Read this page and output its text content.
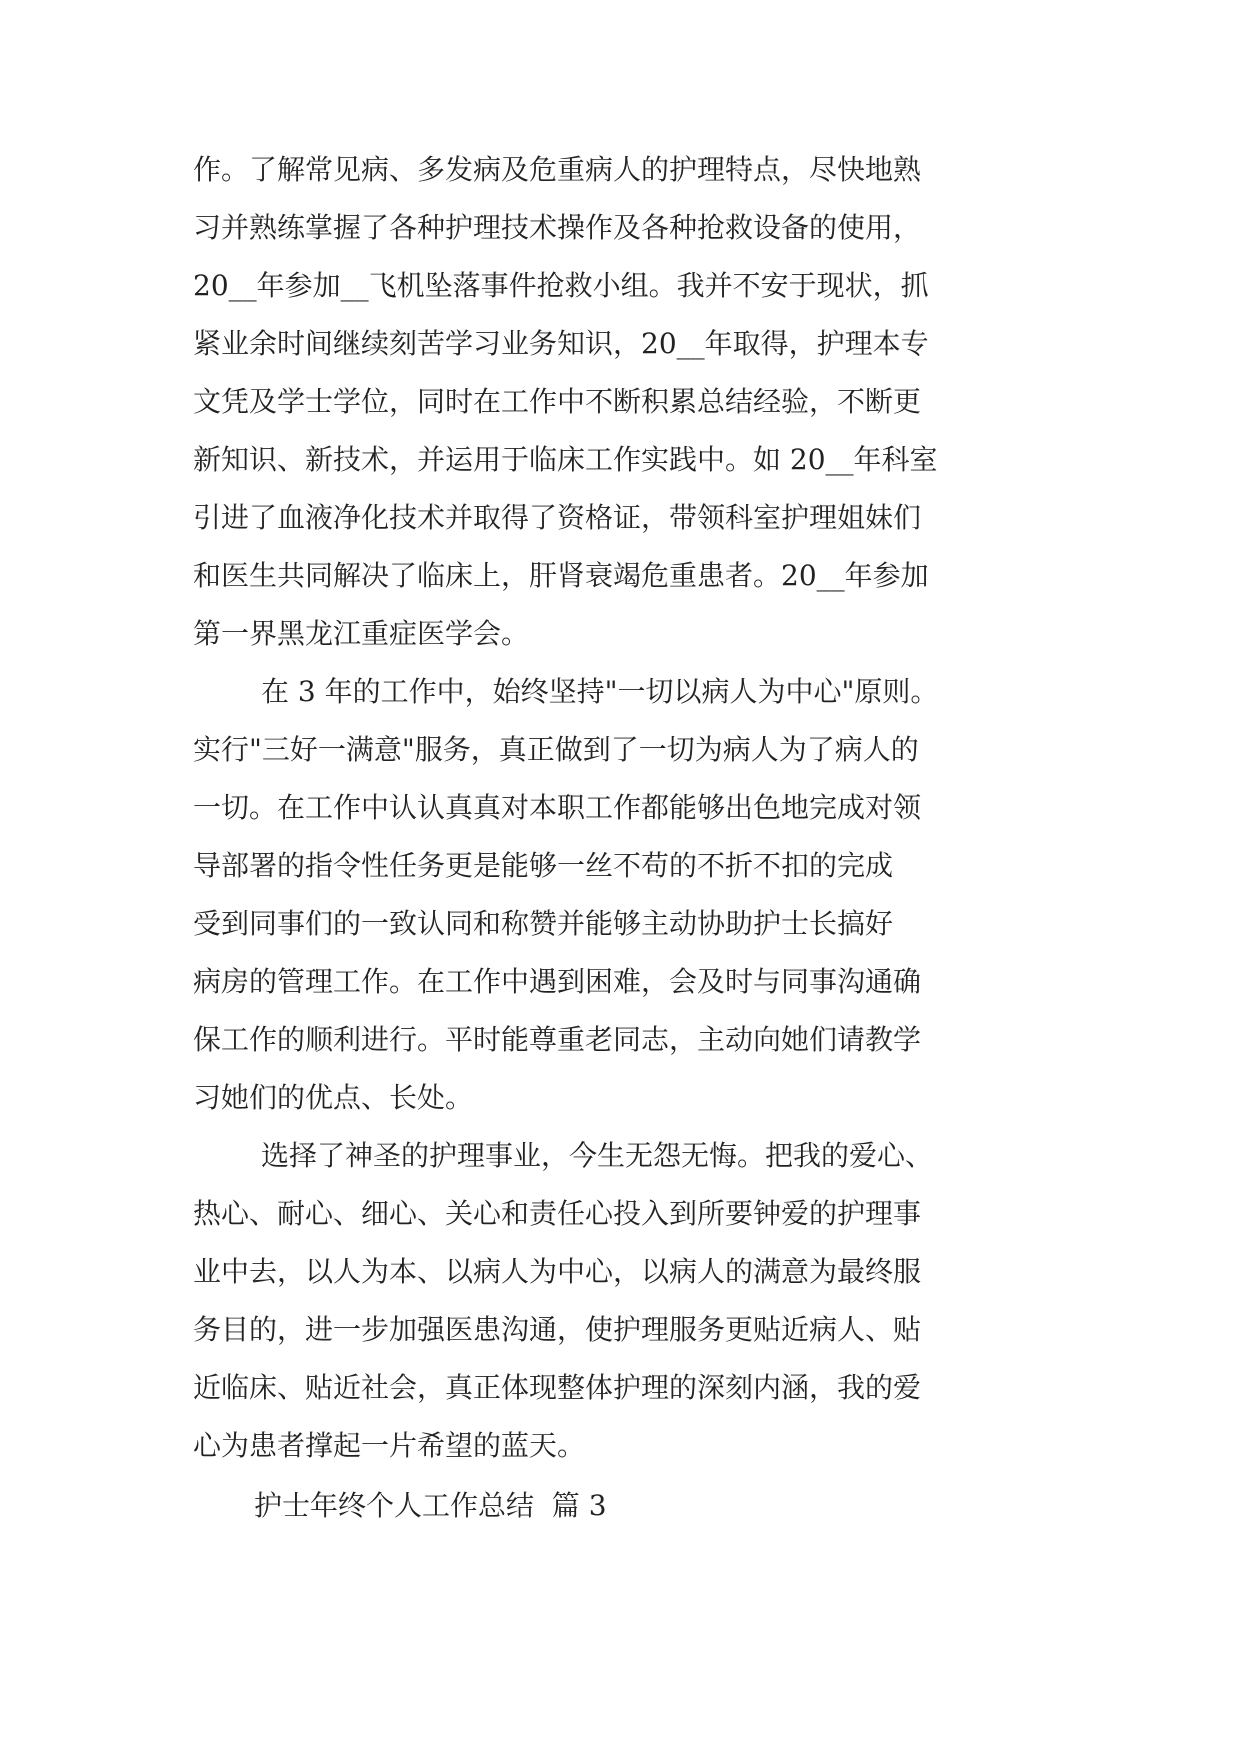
作。了解常见病、多发病及危重病人的护理特点，尽快地熟

习并熟练掌握了各种护理技术操作及各种抢救设备的使用，

20__年参加__飞机坠落事件抢救小组。我并不安于现状，抓

紧业余时间继续刻苦学习业务知识，20__年取得，护理本专

文凭及学士学位，同时在工作中不断积累总结经验，不断更

新知识、新技术，并运用于临床工作实践中。如 20__年科室

引进了血液净化技术并取得了资格证，带领科室护理姐妹们

和医生共同解决了临床上，肝肾衰竭危重患者。20__年参加

第一界黑龙江重症医学会。

在 3 年的工作中，始终坚持"一切以病人为中心"原则。

实行"三好一满意"服务，真正做到了一切为病人为了病人的

一切。在工作中认认真真对本职工作都能够出色地完成对领

导部署的指令性任务更是能够一丝不苟的不折不扣的完成

受到同事们的一致认同和称赞并能够主动协助护士长搞好

病房的管理工作。在工作中遇到困难，会及时与同事沟通确

保工作的顺利进行。平时能尊重老同志，主动向她们请教学

习她们的优点、长处。

选择了神圣的护理事业，今生无怨无悔。把我的爱心、

热心、耐心、细心、关心和责任心投入到所要钟爱的护理事

业中去，以人为本、以病人为中心，以病人的满意为最终服

务目的，进一步加强医患沟通，使护理服务更贴近病人、贴

近临床、贴近社会，真正体现整体护理的深刻内涵，我的爱

心为患者撑起一片希望的蓝天。

护士年终个人工作总结  篇 3
